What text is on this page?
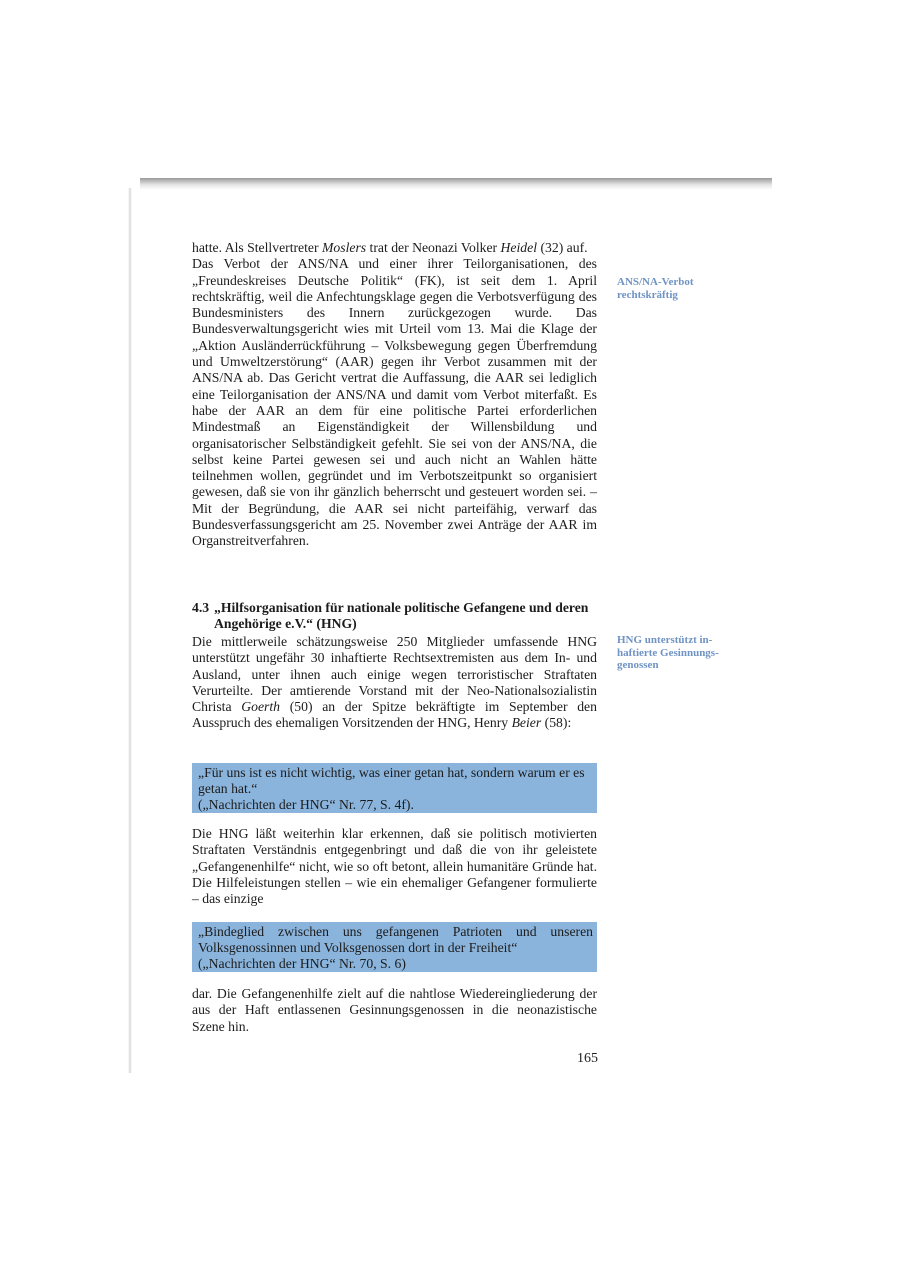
hatte. Als Stellvertreter Moslers trat der Neonazi Volker Heidel (32) auf.

Das Verbot der ANS/NA und einer ihrer Teilorganisationen, des „Freundeskreises Deutsche Politik“ (FK), ist seit dem 1. April rechtskräftig, weil die Anfechtungsklage gegen die Verbotsverfügung des Bundesministers des Innern zurückgezogen wurde. Das Bundesverwaltungsgericht wies mit Urteil vom 13. Mai die Klage der „Aktion Ausländerrückführung – Volksbewegung gegen Überfremdung und Umweltzerstörung“ (AAR) gegen ihr Verbot zusammen mit der ANS/NA ab. Das Gericht vertrat die Auffassung, die AAR sei lediglich eine Teilorganisation der ANS/NA und damit vom Verbot miterfaßt. Es habe der AAR an dem für eine politische Partei erforderlichen Mindestmaß an Eigenständigkeit der Willensbildung und organisatorischer Selbständigkeit gefehlt. Sie sei von der ANS/NA, die selbst keine Partei gewesen sei und auch nicht an Wahlen hätte teilnehmen wollen, gegründet und im Verbotszeitpunkt so organisiert gewesen, daß sie von ihr gänzlich beherrscht und gesteuert worden sei. – Mit der Begründung, die AAR sei nicht parteifähig, verwarf das Bundesverfassungsgericht am 25. November zwei Anträge der AAR im Organstreitverfahren.

4.3 „Hilfsorganisation für nationale politische Gefangene und deren
Angehörige e.V.“ (HNG)

Die mittlerweile schätzungsweise 250 Mitglieder umfassende HNG unterstützt ungefähr 30 inhaftierte Rechtsextremisten aus dem In- und Ausland, unter ihnen auch einige wegen terroristischer Straftaten Verurteilte. Der amtierende Vorstand mit der Neo-Nationalsozialistin Christa Goerth (50) an der Spitze bekräftigte im September den Ausspruch des ehemaligen Vorsitzenden der HNG, Henry Beier (58):

„Für uns ist es nicht wichtig, was einer getan hat, sondern warum er es getan hat.“
(„Nachrichten der HNG“ Nr. 77, S. 4f).

Die HNG läßt weiterhin klar erkennen, daß sie politisch motivierten Straftaten Verständnis entgegenbringt und daß die von ihr geleistete „Gefangenenhilfe“ nicht, wie so oft betont, allein humanitäre Gründe hat. Die Hilfeleistungen stellen – wie ein ehemaliger Gefangener formulierte – das einzige

„Bindeglied zwischen uns gefangenen Patrioten und unseren Volksgenossinnen und Volksgenossen dort in der Freiheit“
(„Nachrichten der HNG“ Nr. 70, S. 6)

dar. Die Gefangenenhilfe zielt auf die nahtlose Wiedereingliederung der aus der Haft entlassenen Gesinnungsgenossen in die neonazistische Szene hin.

ANS/NA-Verbot
rechtskräftig
HNG unterstützt in-
haftierte Gesinnungs-
genossen
165
